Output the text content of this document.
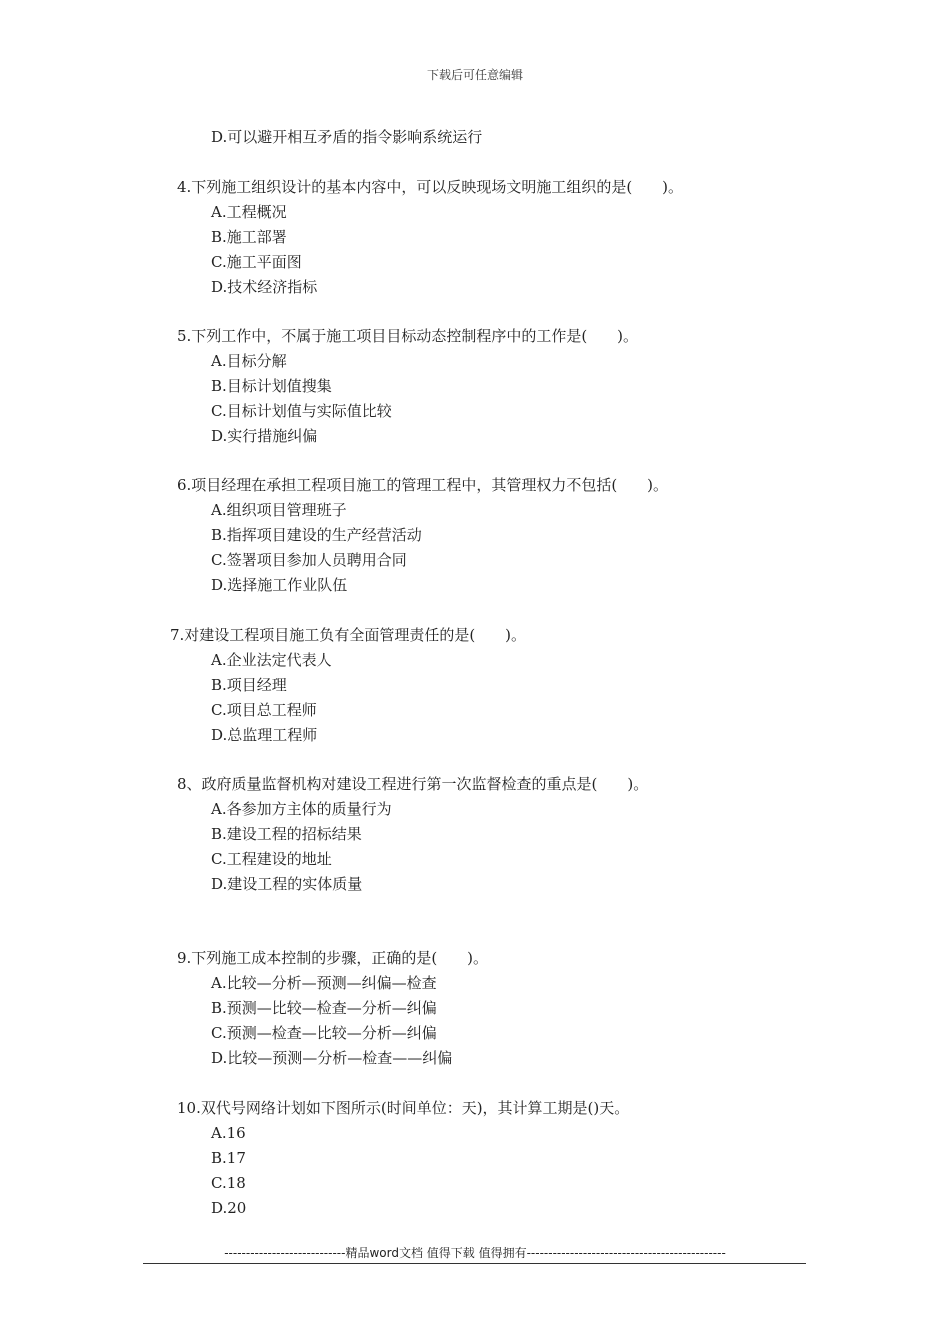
下载后可任意编辑
D.可以避开相互矛盾的指令影响系统运行
4.下列施工组织设计的基本内容中，可以反映现场文明施工组织的是(　　)。
A.工程概况
B.施工部署
C.施工平面图
D.技术经济指标
5.下列工作中，不属于施工项目目标动态控制程序中的工作是(　　)。
A.目标分解
B.目标计划值搜集
C.目标计划值与实际值比较
D.实行措施纠偏
6.项目经理在承担工程项目施工的管理工程中，其管理权力不包括(　　)。
A.组织项目管理班子
B.指挥项目建设的生产经营活动
C.签署项目参加人员聘用合同
D.选择施工作业队伍
7.对建设工程项目施工负有全面管理责任的是(　　)。
A.企业法定代表人
B.项目经理
C.项目总工程师
D.总监理工程师
8、政府质量监督机构对建设工程进行第一次监督检查的重点是(　　)。
A.各参加方主体的质量行为
B.建设工程的招标结果
C.工程建设的地址
D.建设工程的实体质量
9.下列施工成本控制的步骤，正确的是(　　)。
A.比较—分析—预测—纠偏—检查
B.预测—比较—检查—分析—纠偏
C.预测—检查—比较—分析—纠偏
D.比较—预测—分析—检查——纠偏
10.双代号网络计划如下图所示(时间单位：天)，其计算工期是()天。
A.16
B.17
C.18
D.20
----------------------------精品word文档 值得下载 值得拥有----------------------------------------------
